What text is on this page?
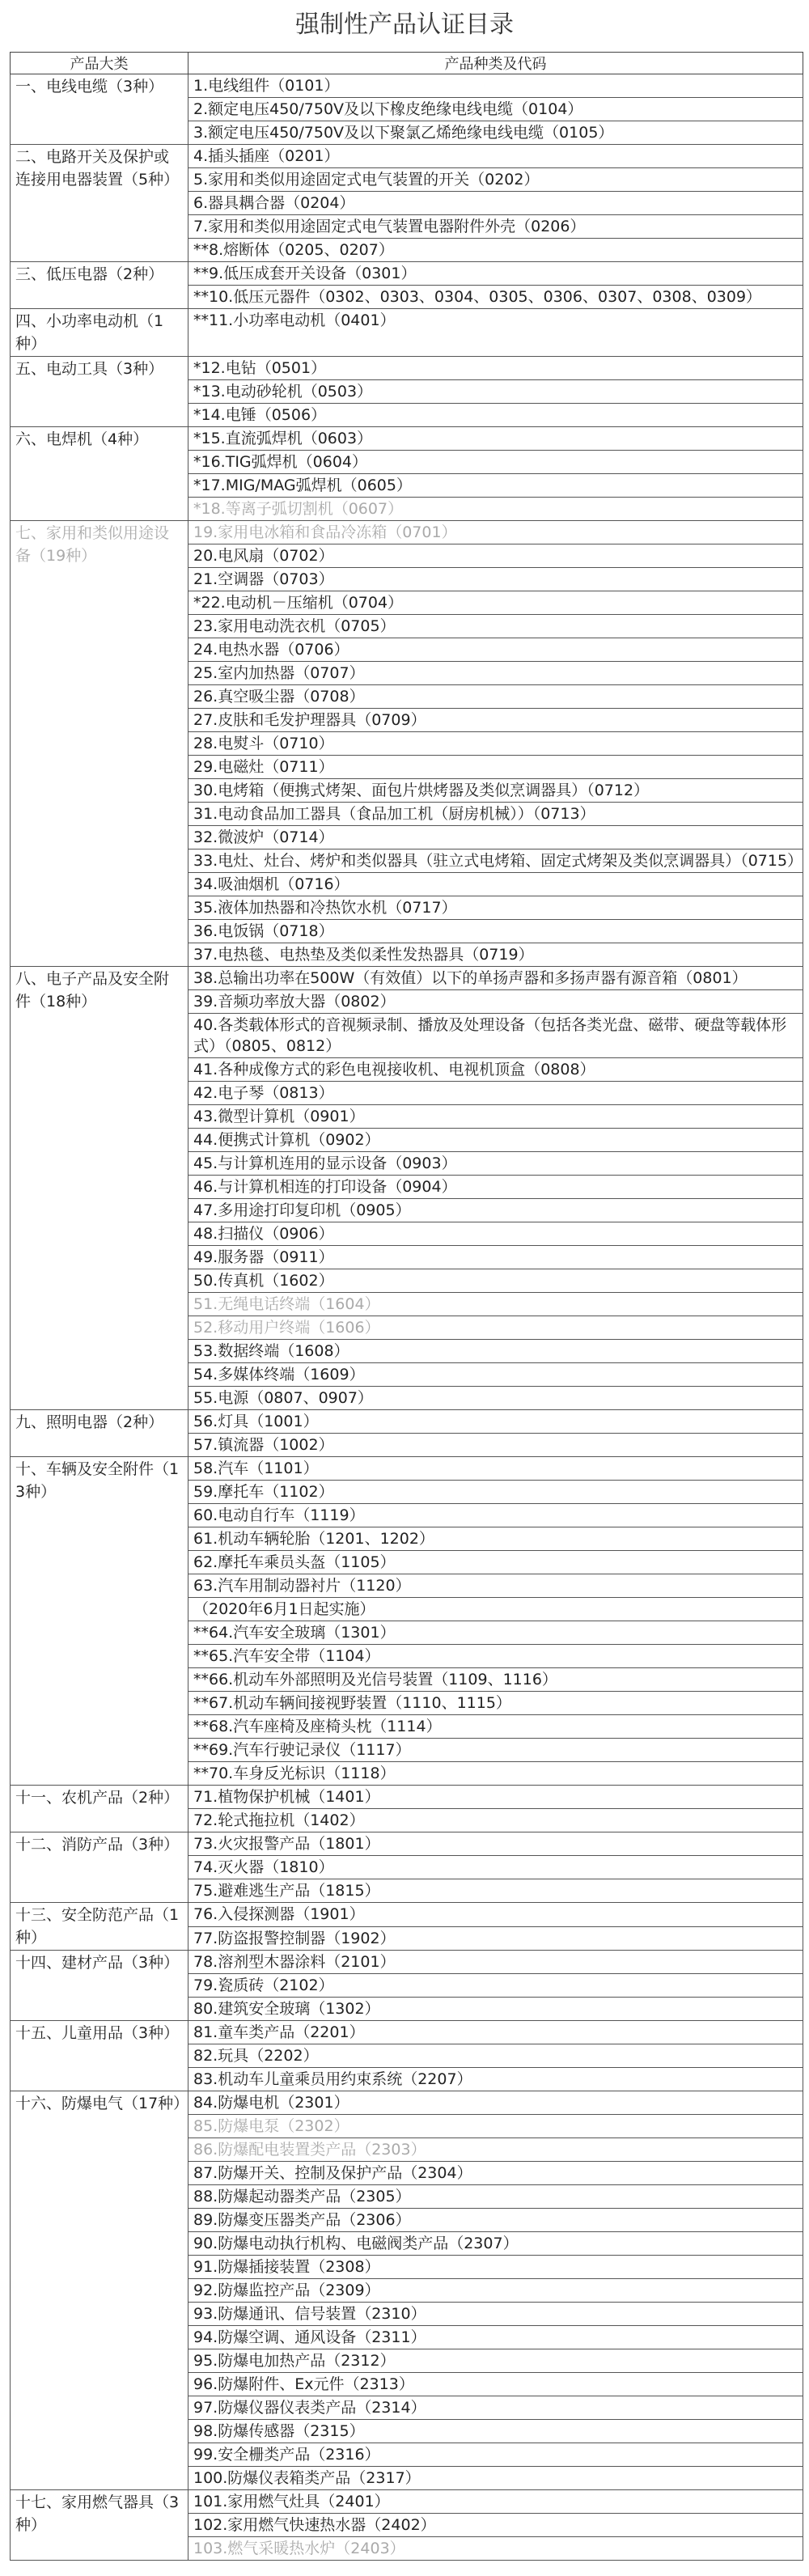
强制性产品认证目录
产品大类	产品种类及代码
一、电线电缆（3种）	1.电线组件（0101）
	2.额定电压450/750V及以下橡皮绝缘电线电缆（0104）
	3.额定电压450/750V及以下聚氯乙烯绝缘电线电缆（0105）
二、电路开关及保护或连接用电器装置（5种）	4.插头插座（0201）
	5.家用和类似用途固定式电气装置的开关（0202）
	6.器具耦合器（0204）
	7.家用和类似用途固定式电气装置电器附件外壳（0206）
	**8.熔断体（0205、0207）
三、低压电器（2种）	**9.低压成套开关设备（0301）
	**10.低压元器件（0302、0303、0304、0305、0306、0307、0308、0309）
四、小功率电动机（1种）	**11.小功率电动机（0401）
五、电动工具（3种）	*12.电钻（0501）
	*13.电动砂轮机（0503）
	*14.电锤（0506）
六、电焊机（4种）	*15.直流弧焊机（0603）
	*16.TIG弧焊机（0604）
	*17.MIG/MAG弧焊机（0605）
	*18.等离子弧切割机（0607）
七、家用和类似用途设备（19种）	19.家用电冰箱和食品冷冻箱（0701）
	20.电风扇（0702）
	21.空调器（0703）
	*22.电动机－压缩机（0704）
	23.家用电动洗衣机（0705）
	24.电热水器（0706）
	25.室内加热器（0707）
	26.真空吸尘器（0708）
	27.皮肤和毛发护理器具（0709）
	28.电熨斗（0710）
	29.电磁灶（0711）
	30.电烤箱（便携式烤架、面包片烘烤器及类似烹调器具）（0712）
	31.电动食品加工器具（食品加工机（厨房机械））（0713）
	32.微波炉（0714）
	33.电灶、灶台、烤炉和类似器具（驻立式电烤箱、固定式烤架及类似烹调器具）（0715）
	34.吸油烟机（0716）
	35.液体加热器和冷热饮水机（0717）
	36.电饭锅（0718）
	37.电热毯、电热垫及类似柔性发热器具（0719）
八、电子产品及安全附件（18种）	38.总输出功率在500W（有效值）以下的单扬声器和多扬声器有源音箱（0801）
	39.音频功率放大器（0802）
	40.各类载体形式的音视频录制、播放及处理设备（包括各类光盘、磁带、硬盘等载体形式）（0805、0812）
	41.各种成像方式的彩色电视接收机、电视机顶盒（0808）
	42.电子琴（0813）
	43.微型计算机（0901）
	44.便携式计算机（0902）
	45.与计算机连用的显示设备（0903）
	46.与计算机相连的打印设备（0904）
	47.多用途打印复印机（0905）
	48.扫描仪（0906）
	49.服务器（0911）
	50.传真机（1602）
	51.无绳电话终端（1604）
	52.移动用户终端（1606）
	53.数据终端（1608）
	54.多媒体终端（1609）
	55.电源（0807、0907）
九、照明电器（2种）	56.灯具（1001）
	57.镇流器（1002）
十、车辆及安全附件（13种）	58.汽车（1101）
	59.摩托车（1102）
	60.电动自行车（1119）
	61.机动车辆轮胎（1201、1202）
	62.摩托车乘员头盔（1105）
	63.汽车用制动器衬片（1120）
	（2020年6月1日起实施）
	**64.汽车安全玻璃（1301）
	**65.汽车安全带（1104）
	**66.机动车外部照明及光信号装置（1109、1116）
	**67.机动车辆间接视野装置（1110、1115）
	**68.汽车座椅及座椅头枕（1114）
	**69.汽车行驶记录仪（1117）
	**70.车身反光标识（1118）
十一、农机产品（2种）	71.植物保护机械（1401）
	72.轮式拖拉机（1402）
十二、消防产品（3种）	73.火灾报警产品（1801）
	74.灭火器（1810）
	75.避难逃生产品（1815）
十三、安全防范产品（1种）	76.入侵探测器（1901）
	77.防盗报警控制器（1902）
十四、建材产品（3种）	78.溶剂型木器涂料（2101）
	79.瓷质砖（2102）
	80.建筑安全玻璃（1302）
十五、儿童用品（3种）	81.童车类产品（2201）
	82.玩具（2202）
	83.机动车儿童乘员用约束系统（2207）
十六、防爆电气（17种）	84.防爆电机（2301）
	85.防爆电泵（2302）
	86.防爆配电装置类产品（2303）
	87.防爆开关、控制及保护产品（2304）
	88.防爆起动器类产品（2305）
	89.防爆变压器类产品（2306）
	90.防爆电动执行机构、电磁阀类产品（2307）
	91.防爆插接装置（2308）
	92.防爆监控产品（2309）
	93.防爆通讯、信号装置（2310）
	94.防爆空调、通风设备（2311）
	95.防爆电加热产品（2312）
	96.防爆附件、Ex元件（2313）
	97.防爆仪器仪表类产品（2314）
	98.防爆传感器（2315）
	99.安全栅类产品（2316）
	100.防爆仪表箱类产品（2317）
十七、家用燃气器具（3种）	101.家用燃气灶具（2401）
	102.家用燃气快速热水器（2402）
	103.燃气采暖热水炉（2403）
